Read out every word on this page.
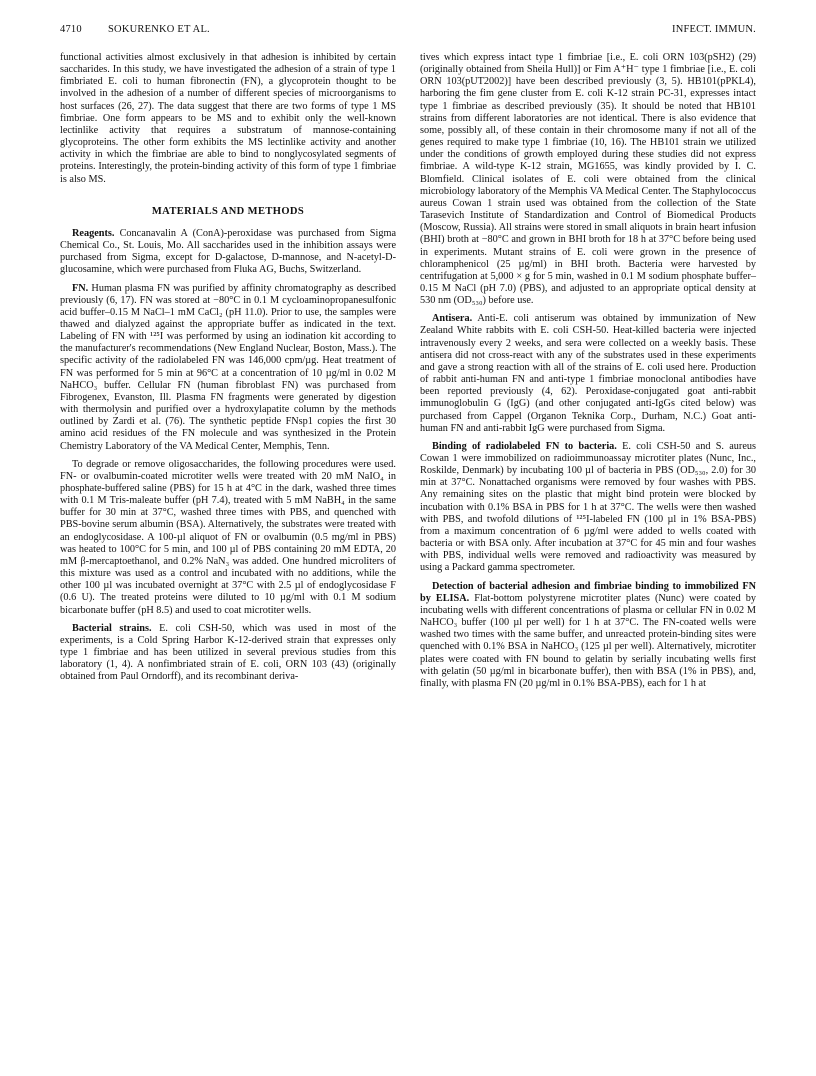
4710 SOKURENKO ET AL.	INFECT. IMMUN.

functional activities almost exclusively in that adhesion is inhibited by certain saccharides. In this study, we have investigated the adhesion of a strain of type 1 fimbriated E. coli to human fibronectin (FN), a glycoprotein thought to be involved in the adhesion of a number of different species of microorganisms to host surfaces (26, 27). The data suggest that there are two forms of type 1 MS fimbriae. One form appears to be MS and to exhibit only the well-known lectinlike activity that requires a substratum of mannose-containing glycoproteins. The other form exhibits the MS lectinlike activity and another activity in which the fimbriae are able to bind to nonglycosylated segments of proteins. Interestingly, the protein-binding activity of this form of type 1 fimbriae is also MS.

MATERIALS AND METHODS

Reagents. Concanavalin A (ConA)-peroxidase was purchased from Sigma Chemical Co., St. Louis, Mo. All saccharides used in the inhibition assays were purchased from Sigma, except for D-galactose, D-mannose, and N-acetyl-D-glucosamine, which were purchased from Fluka AG, Buchs, Switzerland.

FN. Human plasma FN was purified by affinity chromatography as described previously (6, 17). FN was stored at −80°C in 0.1 M cycloaminopropanesulfonic acid buffer–0.15 M NaCl–1 mM CaCl₂ (pH 11.0). Prior to use, the samples were thawed and dialyzed against the appropriate buffer as indicated in the text. Labeling of FN with ¹²⁵I was performed by using an iodination kit according to the manufacturer's recommendations (New England Nuclear, Boston, Mass.). The specific activity of the radiolabeled FN was 146,000 cpm/µg. Heat treatment of FN was performed for 5 min at 96°C at a concentration of 10 µg/ml in 0.02 M NaHCO₃ buffer. Cellular FN (human fibroblast FN) was purchased from Fibrogenex, Evanston, Ill. Plasma FN fragments were generated by digestion with thermolysin and purified over a hydroxylapatite column by the methods outlined by Zardi et al. (76). The synthetic peptide FNsp1 copies the first 30 amino acid residues of the FN molecule and was synthesized in the Protein Chemistry Laboratory of the VA Medical Center, Memphis, Tenn.

To degrade or remove oligosaccharides, the following procedures were used. FN- or ovalbumin-coated microtiter wells were treated with 20 mM NaIO₄ in phosphate-buffered saline (PBS) for 15 h at 4°C in the dark, washed three times with 0.1 M Tris-maleate buffer (pH 7.4), treated with 5 mM NaBH₄ in the same buffer for 30 min at 37°C, washed three times with PBS, and quenched with PBS-bovine serum albumin (BSA). Alternatively, the substrates were treated with an endoglycosidase. A 100-µl aliquot of FN or ovalbumin (0.5 mg/ml in PBS) was heated to 100°C for 5 min, and 100 µl of PBS containing 20 mM EDTA, 20 mM β-mercaptoethanol, and 0.2% NaN₃ was added. One hundred microliters of this mixture was used as a control and incubated with no additions, while the other 100 µl was incubated overnight at 37°C with 2.5 µl of endoglycosidase F (0.6 U). The treated proteins were diluted to 10 µg/ml with 0.1 M sodium bicarbonate buffer (pH 8.5) and used to coat microtiter wells.

Bacterial strains. E. coli CSH-50, which was used in most of the experiments, is a Cold Spring Harbor K-12-derived strain that expresses only type 1 fimbriae and has been utilized in several previous studies from this laboratory (1, 4). A nonfimbriated strain of E. coli, ORN 103 (43) (originally obtained from Paul Orndorff), and its recombinant deriva-

tives which express intact type 1 fimbriae [i.e., E. coli ORN 103(pSH2) (29) (originally obtained from Sheila Hull)] or Fim A⁺H⁻ type 1 fimbriae [i.e., E. coli ORN 103(pUT2002)] have been described previously (3, 5). HB101(pPKL4), harboring the fim gene cluster from E. coli K-12 strain PC-31, expresses intact type 1 fimbriae as described previously (35). It should be noted that HB101 strains from different laboratories are not identical. There is also evidence that some, possibly all, of these contain in their chromosome many if not all of the genes required to make type 1 fimbriae (10, 16). The HB101 strain we utilized under the conditions of growth employed during these studies did not express fimbriae. A wild-type K-12 strain, MG1655, was kindly provided by I. C. Blomfield. Clinical isolates of E. coli were obtained from the clinical microbiology laboratory of the Memphis VA Medical Center. The Staphylococcus aureus Cowan 1 strain used was obtained from the collection of the State Tarasevich Institute of Standardization and Control of Biomedical Products (Moscow, Russia). All strains were stored in small aliquots in brain heart infusion (BHI) broth at −80°C and grown in BHI broth for 18 h at 37°C before being used in experiments. Mutant strains of E. coli were grown in the presence of chloramphenicol (25 µg/ml) in BHI broth. Bacteria were harvested by centrifugation at 5,000 × g for 5 min, washed in 0.1 M sodium phosphate buffer–0.15 M NaCl (pH 7.0) (PBS), and adjusted to an appropriate optical density at 530 nm (OD₅₃₀) before use.

Antisera. Anti-E. coli antiserum was obtained by immunization of New Zealand White rabbits with E. coli CSH-50. Heat-killed bacteria were injected intravenously every 2 weeks, and sera were collected on a weekly basis. These antisera did not cross-react with any of the substrates used in these experiments and gave a strong reaction with all of the strains of E. coli used here. Production of rabbit anti-human FN and anti-type 1 fimbriae monoclonal antibodies have been reported previously (4, 62). Peroxidase-conjugated goat anti-rabbit immunoglobulin G (IgG) (and other conjugated anti-IgGs cited below) was purchased from Cappel (Organon Teknika Corp., Durham, N.C.) Goat anti-human FN and anti-rabbit IgG were purchased from Sigma.

Binding of radiolabeled FN to bacteria. E. coli CSH-50 and S. aureus Cowan 1 were immobilized on radioimmunoassay microtiter plates (Nunc, Inc., Roskilde, Denmark) by incubating 100 µl of bacteria in PBS (OD₅₃₀, 2.0) for 30 min at 37°C. Nonattached organisms were removed by four washes with PBS. Any remaining sites on the plastic that might bind protein were blocked by incubation with 0.1% BSA in PBS for 1 h at 37°C. The wells were then washed with PBS, and twofold dilutions of ¹²⁵I-labeled FN (100 µl in 1% BSA-PBS) from a maximum concentration of 6 µg/ml were added to wells coated with bacteria or with BSA only. After incubation at 37°C for 45 min and four washes with PBS, individual wells were removed and radioactivity was measured by using a Packard gamma spectrometer.

Detection of bacterial adhesion and fimbriae binding to immobilized FN by ELISA. Flat-bottom polystyrene microtiter plates (Nunc) were coated by incubating wells with different concentrations of plasma or cellular FN in 0.02 M NaHCO₃ buffer (100 µl per well) for 1 h at 37°C. The FN-coated wells were washed two times with the same buffer, and unreacted protein-binding sites were quenched with 0.1% BSA in NaHCO₃ (125 µl per well). Alternatively, microtiter plates were coated with FN bound to gelatin by serially incubating wells first with gelatin (50 µg/ml in bicarbonate buffer), then with BSA (1% in PBS), and, finally, with plasma FN (20 µg/ml in 0.1% BSA-PBS), each for 1 h at
